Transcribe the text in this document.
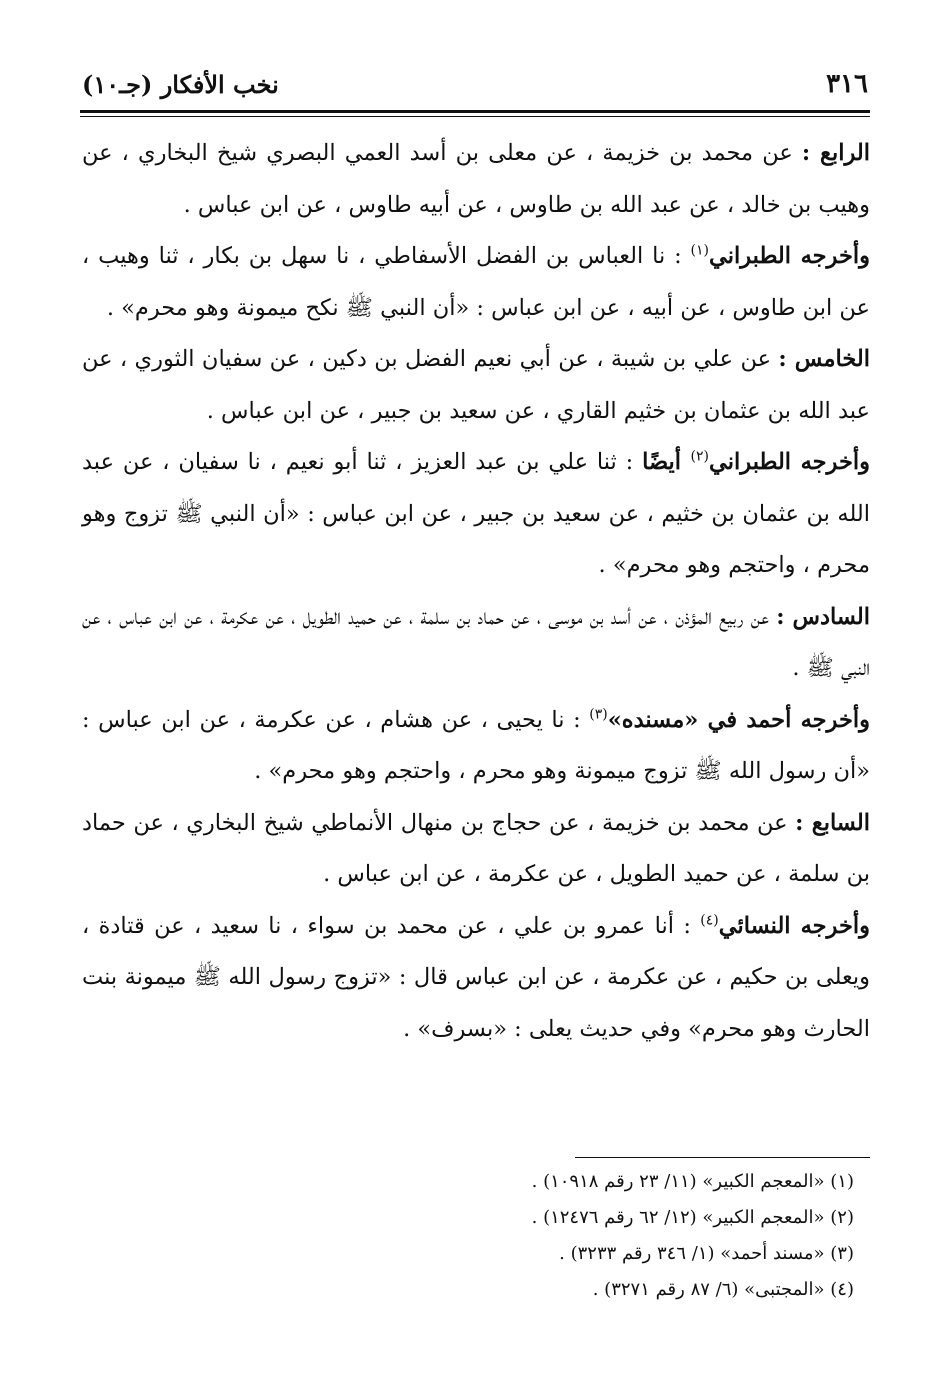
٣١٦
نخب الأفكار (جـ١٠)

الرابع : عن محمد بن خزيمة ، عن معلى بن أسد العمي البصري شيخ البخاري ، عن وهيب بن خالد ، عن عبد الله بن طاوس ، عن أبيه طاوس ، عن ابن عباس .

وأخرجه الطبراني$^{(١)}$ : نا العباس بن الفضل الأسفاطي ، نا سهل بن بكار ، ثنا وهيب ، عن ابن طاوس ، عن أبيه ، عن ابن عباس : «أن النبي ﷺ نكح ميمونة وهو محرم» .

الخامس : عن علي بن شيبة ، عن أبي نعيم الفضل بن دكين ، عن سفيان الثوري ، عن عبد الله بن عثمان بن خثيم القاري ، عن سعيد بن جبير ، عن ابن عباس .

وأخرجه الطبراني$^{(٢)}$ أيضًا : ثنا علي بن عبد العزيز ، ثنا أبو نعيم ، نا سفيان ، عن عبد الله بن عثمان بن خثيم ، عن سعيد بن جبير ، عن ابن عباس : «أن النبي ﷺ تزوج وهو محرم ، واحتجم وهو محرم» .

السادس : عن ربيع المؤذن ، عن أسد بن موسى ، عن حماد بن سلمة ، عن حميد الطويل ، عن عكرمة ، عن ابن عباس ، عن النبي ﷺ .

وأخرجه أحمد في «مسنده»$^{(٣)}$ : نا يحيى ، عن هشام ، عن عكرمة ، عن ابن عباس : «أن رسول الله ﷺ تزوج ميمونة وهو محرم ، واحتجم وهو محرم» .

السابع : عن محمد بن خزيمة ، عن حجاج بن منهال الأنماطي شيخ البخاري ، عن حماد بن سلمة ، عن حميد الطويل ، عن عكرمة ، عن ابن عباس .

وأخرجه النسائي$^{(٤)}$ : أنا عمرو بن علي ، عن محمد بن سواء ، نا سعيد ، عن قتادة ، ويعلى بن حكيم ، عن عكرمة ، عن ابن عباس قال : «تزوج رسول الله ﷺ ميمونة بنت الحارث وهو محرم» وفي حديث يعلى : «بسرف» .

(١) «المعجم الكبير» (١١/ ٢٣ رقم ١٠٩١٨) .

(٢) «المعجم الكبير» (١٢/ ٦٢ رقم ١٢٤٧٦) .

(٣) «مسند أحمد» (١/ ٣٤٦ رقم ٣٢٣٣) .

(٤) «المجتبى» (٦/ ٨٧ رقم ٣٢٧١) .
